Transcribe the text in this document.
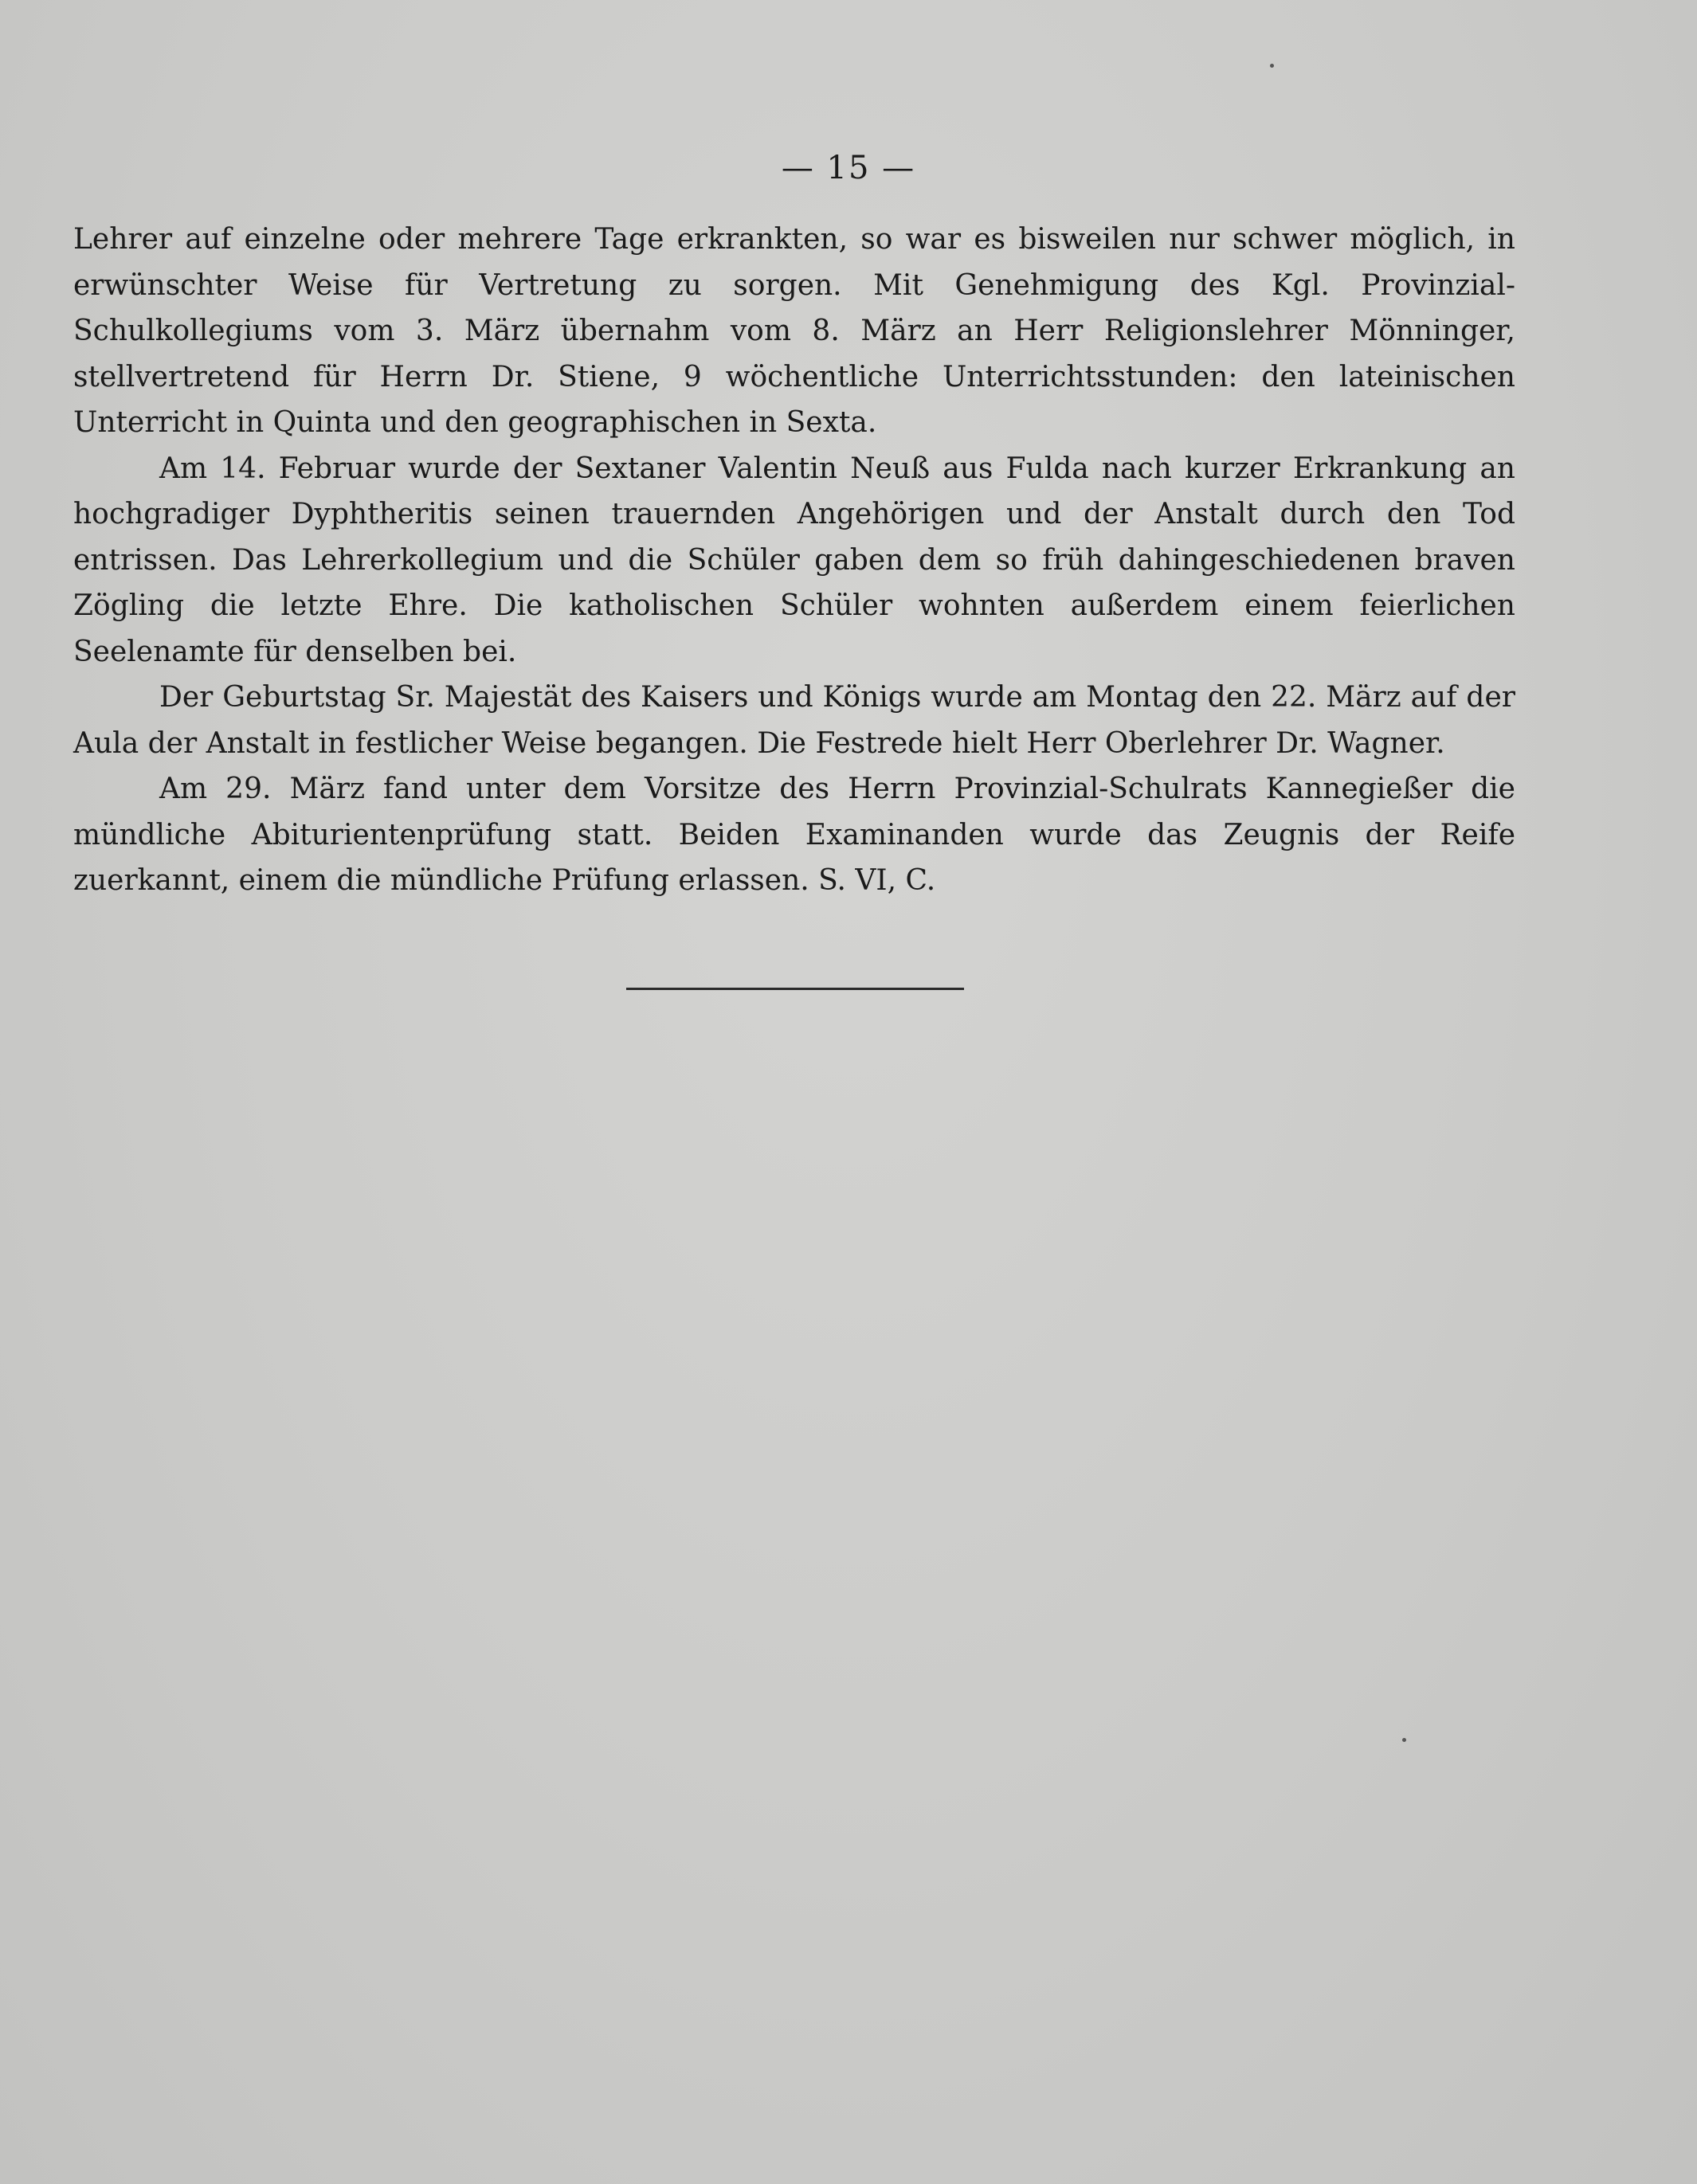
— 15 —

Lehrer auf einzelne oder mehrere Tage erkrankten, so war es bisweilen nur schwer möglich, in erwünschter Weise für Vertretung zu sorgen. Mit Genehmigung des Kgl. Provinzial-Schulkollegiums vom 3. März übernahm vom 8. März an Herr Religionslehrer Mönninger, stellvertretend für Herrn Dr. Stiene, 9 wöchentliche Unterrichtsstunden: den lateinischen Unterricht in Quinta und den geographischen in Sexta.

Am 14. Februar wurde der Sextaner Valentin Neuß aus Fulda nach kurzer Erkrankung an hochgradiger Dyphtheritis seinen trauernden Angehörigen und der Anstalt durch den Tod entrissen. Das Lehrerkollegium und die Schüler gaben dem so früh dahingeschiedenen braven Zögling die letzte Ehre. Die katholischen Schüler wohnten außerdem einem feierlichen Seelenamte für denselben bei.

Der Geburtstag Sr. Majestät des Kaisers und Königs wurde am Montag den 22. März auf der Aula der Anstalt in festlicher Weise begangen. Die Festrede hielt Herr Oberlehrer Dr. Wagner.

Am 29. März fand unter dem Vorsitze des Herrn Provinzial-Schulrats Kannegießer die mündliche Abiturientenprüfung statt. Beiden Examinanden wurde das Zeugnis der Reife zuerkannt, einem die mündliche Prüfung erlassen. S. VI, C.
